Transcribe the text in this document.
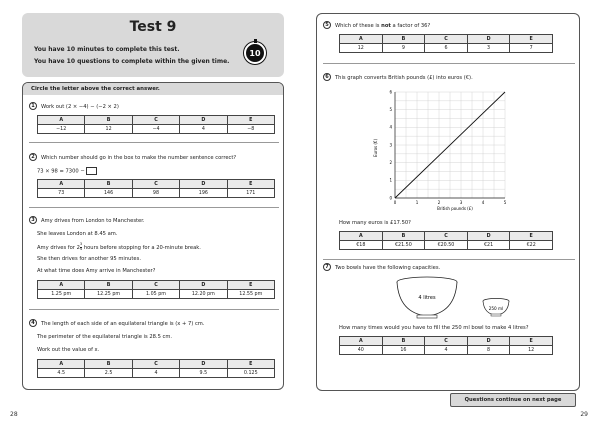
Test 9
You have 10 minutes to complete this test.
You have 10 questions to complete within the given time.
10
Circle the letter above the correct answer.
1	Work out (2 × −4) − (−2 × 2)
A	B	C	D	E
−12	12	−4	4	−8
2	Which number should go in the box to make the number sentence correct?
73 × 98 = 7300 −
A	B	C	D	E
73	146	98	196	171
3	Amy drives from London to Manchester.
She leaves London at 8.45 am.
Amy drives for $2 \frac{3}{4}$ hours before stopping for a 20-minute break.
She then drives for another 95 minutes.
At what time does Amy arrive in Manchester?
A	B	C	D	E
1.25 pm	12.25 pm	1.05 pm	12.20 pm	12.55 pm
4	The length of each side of an equilateral triangle is (x + 7) cm.
The perimeter of the equilateral triangle is 28.5 cm.
Work out the value of x.
A	B	C	D	E
4.5	2.5	4	9.5	0.125
28
5	Which of these is not a factor of 36?
A	B	C	D	E
12	9	6	3	7
6	This graph converts British pounds (£) into euros (€).
0
1
2
3
4
5
6
0	1	2	3	4	5
Euros (€)
British pounds (£)
How many euros is £17.50?
A	B	C	D	E
€18	€21.50	€20.50	€21	€22
7	Two bowls have the following capacities.
4 litres
250 ml
How many times would you have to fill the 250 ml bowl to make 4 litres?
A	B	C	D	E
40	16	4	8	12
Questions continue on next page
29
